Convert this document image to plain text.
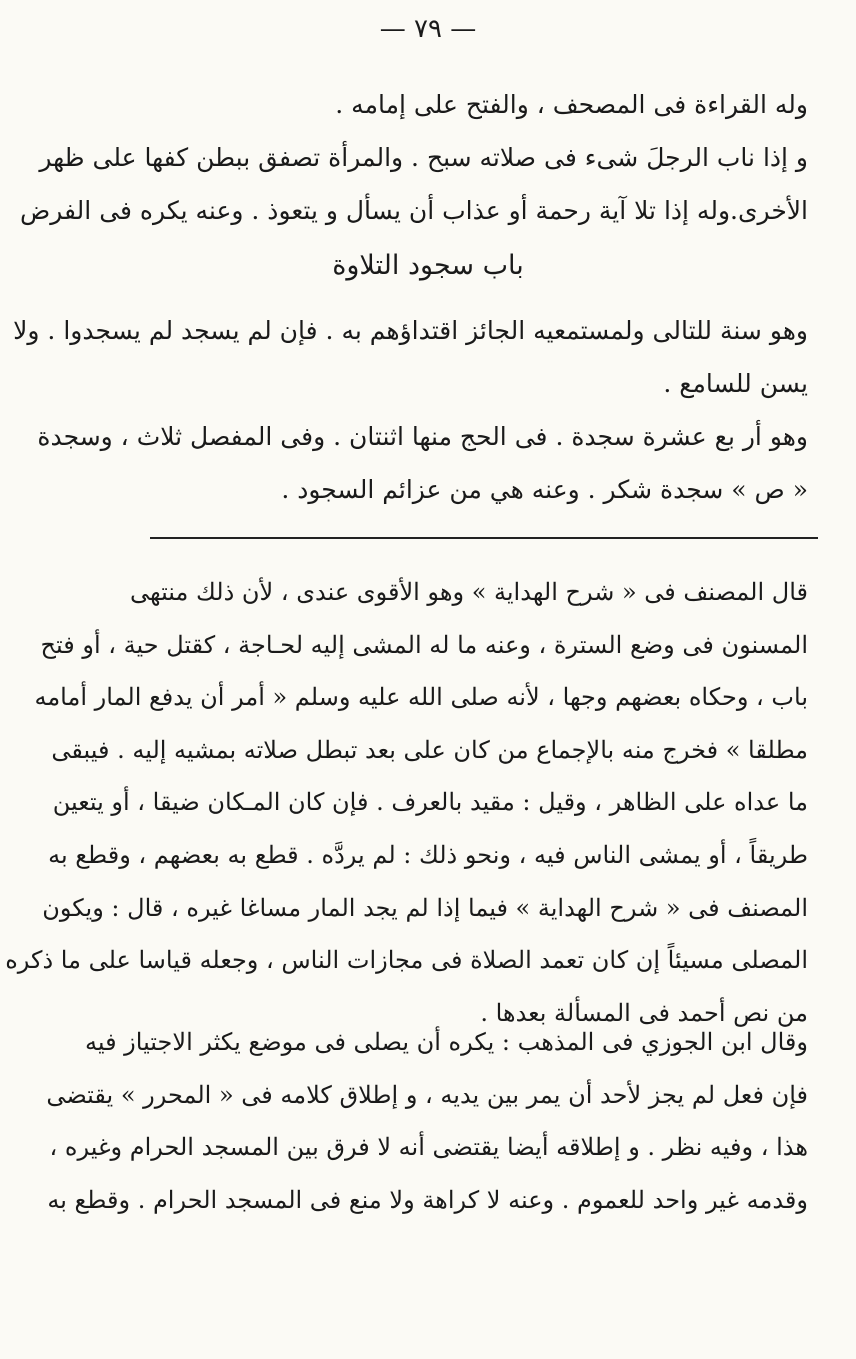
— ٧٩ —
وله القراءة فى المصحف ، والفتح على إمامه .
و إذا ناب الرجلَ شىء فى صلاته سبح . والمرأة تصفق ببطن كفها على ظهر
الأخرى.وله إذا تلا آية رحمة أو عذاب أن يسأل و يتعوذ . وعنه يكره فى الفرض
باب سجود التلاوة
وهو سنة للتالى ولمستمعيه الجائز اقتداؤهم به . فإن لم يسجد لم يسجدوا . ولا
يسن للسامع .
وهو أر بع عشرة سجدة . فى الحج منها اثنتان . وفى المفصل ثلاث ، وسجدة
« ص » سجدة شكر . وعنه هي من عزائم السجود .
قال المصنف فى « شرح الهداية » وهو الأقوى عندى ، لأن ذلك منتهى
المسنون فى وضع السترة ، وعنه ما له المشى إليه لحـاجة ، كقتل حية ، أو فتح
باب ، وحكاه بعضهم وجها ، لأنه صلى الله عليه وسلم « أمر أن يدفع المار أمامه
مطلقا » فخرج منه بالإجماع من كان على بعد تبطل صلاته بمشيه إليه . فيبقى
ما عداه على الظاهر ، وقيل : مقيد بالعرف . فإن كان المـكان ضيقا ، أو يتعين
طريقاً ، أو يمشى الناس فيه ، ونحو ذلك : لم يردَّه . قطع به بعضهم ، وقطع به
المصنف فى « شرح الهداية » فيما إذا لم يجد المار مساغا غيره ، قال : ويكون
المصلى مسيئاً إن كان تعمد الصلاة فى مجازات الناس ، وجعله قياسا على ما ذكره
من نص أحمد فى المسألة بعدها .
وقال ابن الجوزي فى المذهب : يكره أن يصلى فى موضع يكثر الاجتياز فيه
فإن فعل لم يجز لأحد أن يمر بين يديه ، و إطلاق كلامه فى « المحرر » يقتضى
هذا ، وفيه نظر . و إطلاقه أيضا يقتضى أنه لا فرق بين المسجد الحرام وغيره ،
وقدمه غير واحد للعموم . وعنه لا كراهة ولا منع فى المسجد الحرام . وقطع به
